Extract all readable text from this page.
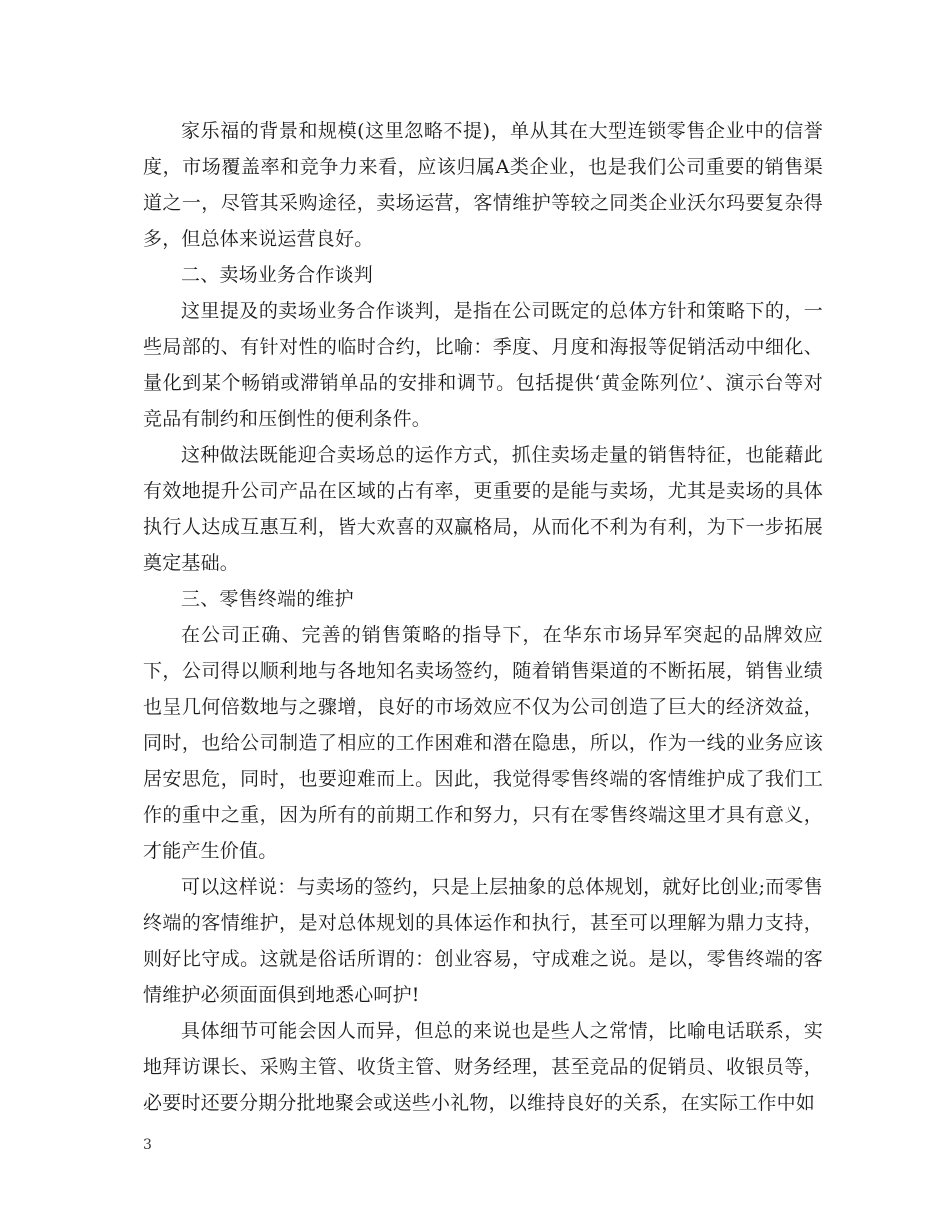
家乐福的背景和规模(这里忽略不提)，单从其在大型连锁零售企业中的信誉度，市场覆盖率和竞争力来看，应该归属A类企业，也是我们公司重要的销售渠道之一，尽管其采购途径，卖场运营，客情维护等较之同类企业沃尔玛要复杂得多，但总体来说运营良好。

二、卖场业务合作谈判

这里提及的卖场业务合作谈判，是指在公司既定的总体方针和策略下的，一些局部的、有针对性的临时合约，比喻：季度、月度和海报等促销活动中细化、量化到某个畅销或滞销单品的安排和调节。包括提供‘黄金陈列位’、演示台等对竞品有制约和压倒性的便利条件。

这种做法既能迎合卖场总的运作方式，抓住卖场走量的销售特征，也能藉此有效地提升公司产品在区域的占有率，更重要的是能与卖场，尤其是卖场的具体执行人达成互惠互利，皆大欢喜的双赢格局，从而化不利为有利，为下一步拓展奠定基础。

三、零售终端的维护

在公司正确、完善的销售策略的指导下，在华东市场异军突起的品牌效应下，公司得以顺利地与各地知名卖场签约，随着销售渠道的不断拓展，销售业绩也呈几何倍数地与之骤增，良好的市场效应不仅为公司创造了巨大的经济效益，同时，也给公司制造了相应的工作困难和潜在隐患，所以，作为一线的业务应该居安思危，同时，也要迎难而上。因此，我觉得零售终端的客情维护成了我们工作的重中之重，因为所有的前期工作和努力，只有在零售终端这里才具有意义，才能产生价值。

可以这样说：与卖场的签约，只是上层抽象的总体规划，就好比创业;而零售终端的客情维护，是对总体规划的具体运作和执行，甚至可以理解为鼎力支持，则好比守成。这就是俗话所谓的：创业容易，守成难之说。是以，零售终端的客情维护必须面面俱到地悉心呵护!

具体细节可能会因人而异，但总的来说也是些人之常情，比喻电话联系，实地拜访课长、采购主管、收货主管、财务经理，甚至竞品的促销员、收银员等，必要时还要分期分批地聚会或送些小礼物，以维持良好的关系，在实际工作中如

3
